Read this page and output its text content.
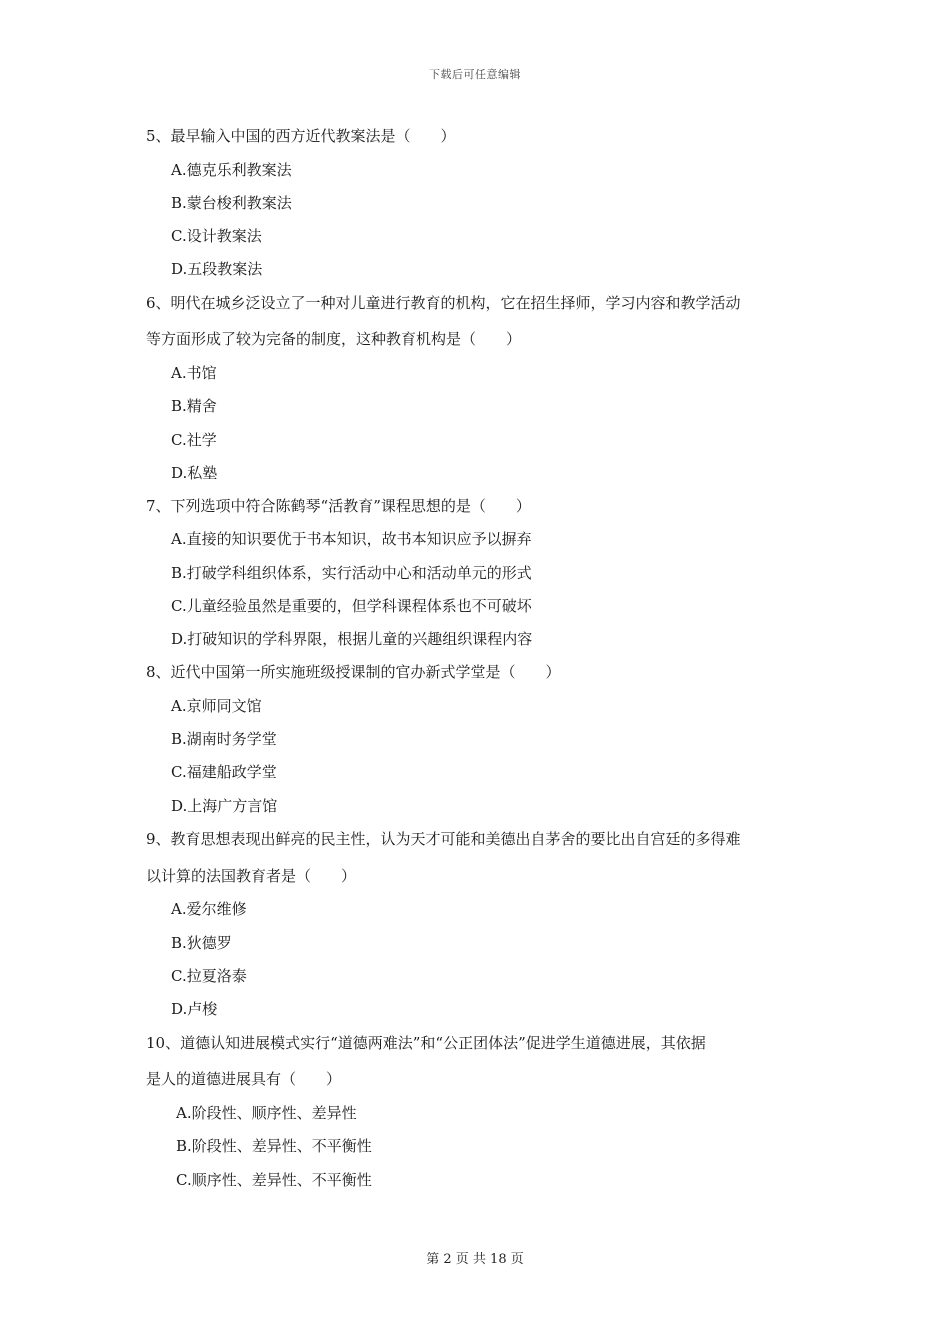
下载后可任意编辑
5、最早输入中国的西方近代教案法是（　　）
A.德克乐利教案法
B.蒙台梭利教案法
C.设计教案法
D.五段教案法
6、明代在城乡泛设立了一种对儿童进行教育的机构，它在招生择师，学习内容和教学活动
等方面形成了较为完备的制度，这种教育机构是（　　）
A.书馆
B.精舍
C.社学
D.私塾
7、下列选项中符合陈鹤琴“活教育”课程思想的是（　　）
A.直接的知识要优于书本知识，故书本知识应予以摒弃
B.打破学科组织体系，实行活动中心和活动单元的形式
C.儿童经验虽然是重要的，但学科课程体系也不可破坏
D.打破知识的学科界限，根据儿童的兴趣组织课程内容
8、近代中国第一所实施班级授课制的官办新式学堂是（　　）
A.京师同文馆
B.湖南时务学堂
C.福建船政学堂
D.上海广方言馆
9、教育思想表现出鲜亮的民主性，认为天才可能和美德出自茅舍的要比出自宫廷的多得难
以计算的法国教育者是（　　）
A.爱尔维修
B.狄德罗
C.拉夏洛泰
D.卢梭
10、道德认知进展模式实行“道德两难法”和“公正团体法”促进学生道德进展，其依据
是人的道德进展具有（　　）
A.阶段性、顺序性、差异性
B.阶段性、差异性、不平衡性
C.顺序性、差异性、不平衡性
第 2 页 共 18 页
